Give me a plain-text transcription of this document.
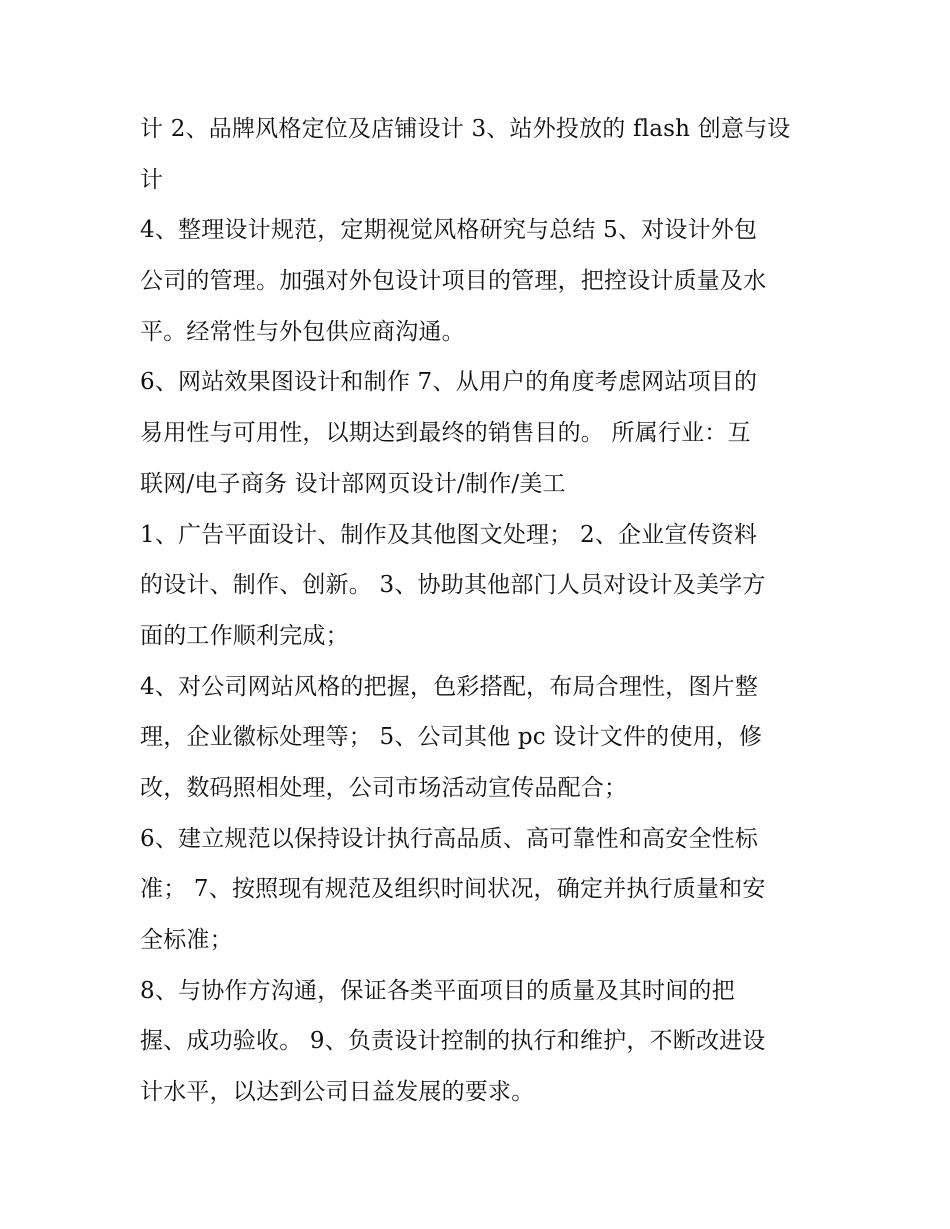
计 2、品牌风格定位及店铺设计 3、站外投放的 flash 创意与设
计
4、整理设计规范，定期视觉风格研究与总结 5、对设计外包
公司的管理。加强对外包设计项目的管理，把控设计质量及水
平。经常性与外包供应商沟通。
6、网站效果图设计和制作 7、从用户的角度考虑网站项目的
易用性与可用性，以期达到最终的销售目的。 所属行业：互
联网/电子商务 设计部网页设计/制作/美工
1、广告平面设计、制作及其他图文处理； 2、企业宣传资料
的设计、制作、创新。 3、协助其他部门人员对设计及美学方
面的工作顺利完成；
4、对公司网站风格的把握，色彩搭配，布局合理性，图片整
理，企业徽标处理等； 5、公司其他 pc 设计文件的使用，修
改，数码照相处理，公司市场活动宣传品配合；
6、建立规范以保持设计执行高品质、高可靠性和高安全性标
准； 7、按照现有规范及组织时间状况，确定并执行质量和安
全标准；
8、与协作方沟通，保证各类平面项目的质量及其时间的把
握、成功验收。 9、负责设计控制的执行和维护，不断改进设
计水平，以达到公司日益发展的要求。
